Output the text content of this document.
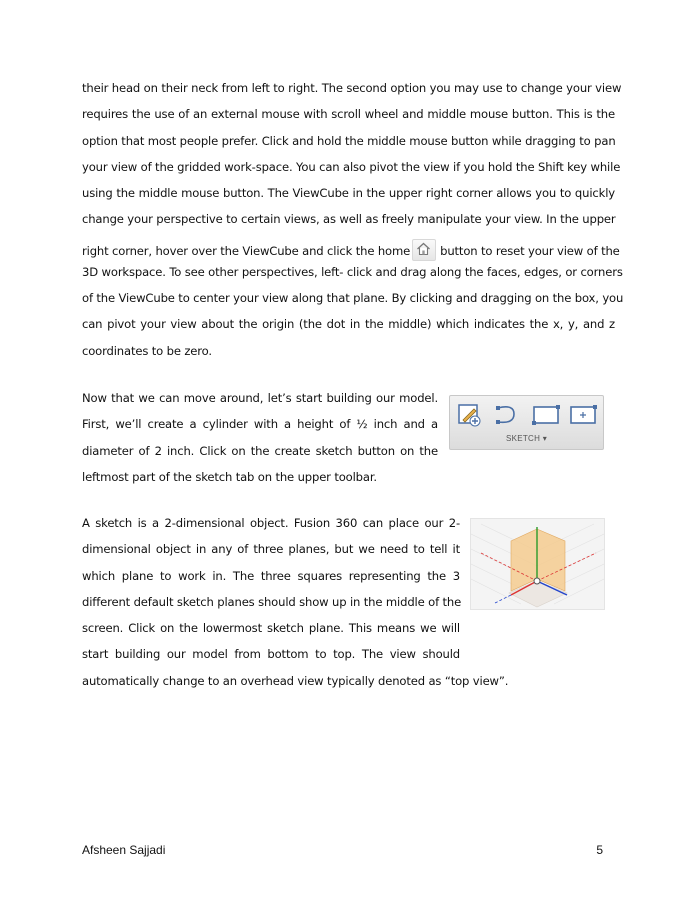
their head on their neck from left to right. The second option you may use to change your view
requires the use of an external mouse with scroll wheel and middle mouse button. This is the
option that most people prefer. Click and hold the middle mouse button while dragging to pan
your view of the gridded work-space. You can also pivot the view if you hold the Shift key while
using the middle mouse button. The ViewCube in the upper right corner allows you to quickly
change your perspective to certain views, as well as freely manipulate your view. In the upper
right corner, hover over the ViewCube and click the home	button to reset your view of the
3D workspace. To see other perspectives, left- click and drag along the faces, edges, or corners
of the ViewCube to center your view along that plane. By clicking and dragging on the box, you
can pivot your view about the origin (the dot in the middle) which indicates the x, y, and z
coordinates to be zero.
Now that we can move around, let’s start building our model.
First, we’ll create a cylinder with a height of ½ inch and a
diameter of 2 inch. Click on the create sketch button on the
leftmost part of the sketch tab on the upper toolbar.
SKETCH ▾
A sketch is a 2-dimensional object. Fusion 360 can place our 2-
dimensional object in any of three planes, but we need to tell it
which plane to work in. The three squares representing the 3
different default sketch planes should show up in the middle of the
screen. Click on the lowermost sketch plane. This means we will
start building our model from bottom to top. The view should
automatically change to an overhead view typically denoted as “top view”.
Afsheen Sajjadi	5
